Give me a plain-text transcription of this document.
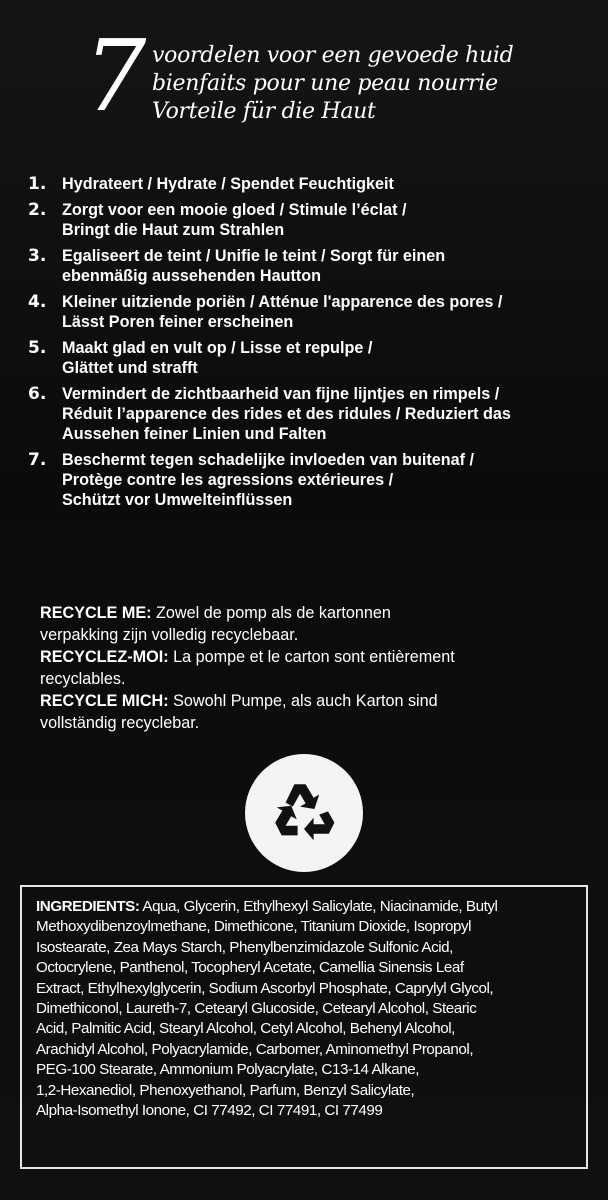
7 voordelen voor een gevoede huid
bienfaits pour une peau nourrie
Vorteile für die Haut
1. Hydrateert / Hydrate / Spendet Feuchtigkeit
2. Zorgt voor een mooie gloed / Stimule l’éclat /
Bringt die Haut zum Strahlen
3. Egaliseert de teint / Unifie le teint / Sorgt für einen
ebenmäßig aussehenden Hautton
4. Kleiner uitziende poriën / Atténue l'apparence des pores /
Lässt Poren feiner erscheinen
5. Maakt glad en vult op / Lisse et repulpe /
Glättet und strafft
6. Vermindert de zichtbaarheid van fijne lijntjes en rimpels /
Réduit l’apparence des rides et des ridules / Reduziert das
Aussehen feiner Linien und Falten
7. Beschermt tegen schadelijke invloeden van buitenaf /
Protège contre les agressions extérieures /
Schützt vor Umwelteinflüssen
RECYCLE ME: Zowel de pomp als de kartonnen
verpakking zijn volledig recyclebaar.
RECYCLEZ-MOI: La pompe et le carton sont entièrement
recyclables.
RECYCLE MICH: Sowohl Pumpe, als auch Karton sind
vollständig recyclebar.
INGREDIENTS: Aqua, Glycerin, Ethylhexyl Salicylate, Niacinamide, Butyl
Methoxydibenzoylmethane, Dimethicone, Titanium Dioxide, Isopropyl
Isostearate, Zea Mays Starch, Phenylbenzimidazole Sulfonic Acid,
Octocrylene, Panthenol, Tocopheryl Acetate, Camellia Sinensis Leaf
Extract, Ethylhexylglycerin, Sodium Ascorbyl Phosphate, Caprylyl Glycol,
Dimethiconol, Laureth-7, Cetearyl Glucoside, Cetearyl Alcohol, Stearic
Acid, Palmitic Acid, Stearyl Alcohol, Cetyl Alcohol, Behenyl Alcohol,
Arachidyl Alcohol, Polyacrylamide, Carbomer, Aminomethyl Propanol,
PEG-100 Stearate, Ammonium Polyacrylate, C13-14 Alkane,
1,2-Hexanediol, Phenoxyethanol, Parfum, Benzyl Salicylate,
Alpha-Isomethyl Ionone, CI 77492, CI 77491, CI 77499
